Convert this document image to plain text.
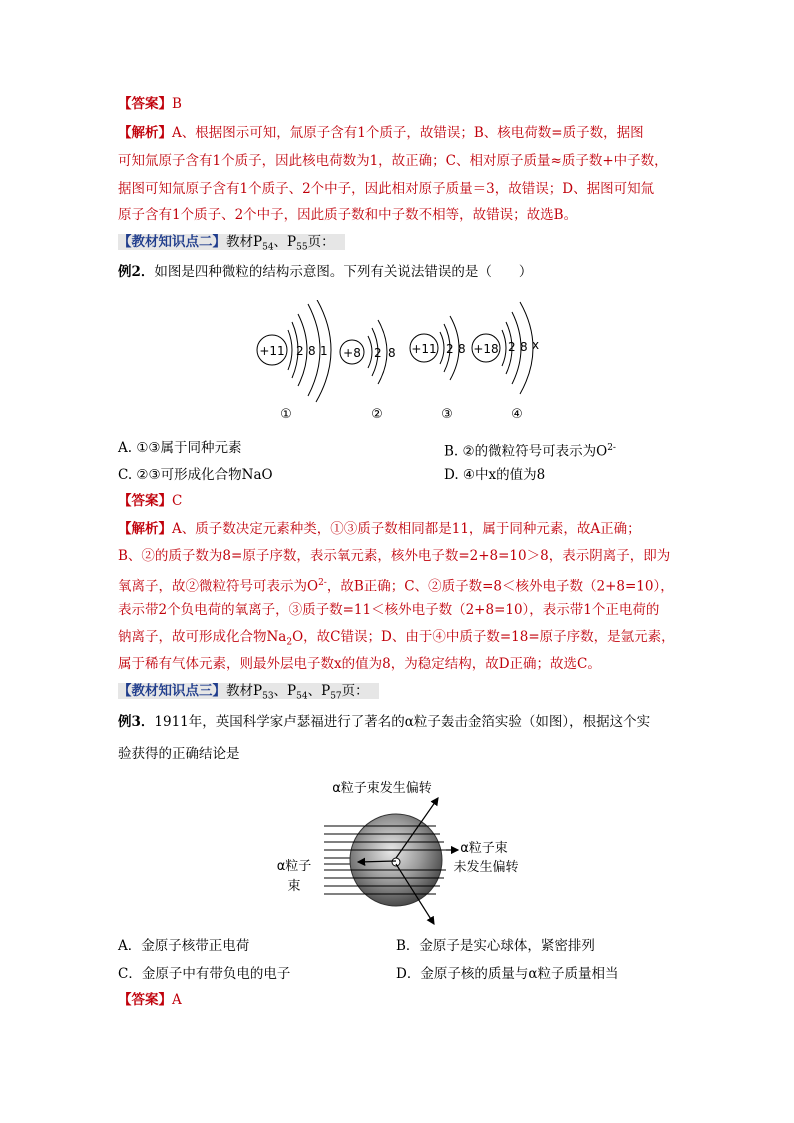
【答案】B
【解析】A、根据图示可知，氚原子含有1个质子，故错误；B、核电荷数=质子数，据图
可知氚原子含有1个质子，因此核电荷数为1，故正确；C、相对原子质量≈质子数+中子数，
据图可知氚原子含有1个质子、2个中子，因此相对原子质量＝3，故错误；D、据图可知氚
原子含有1个质子、2个中子，因此质子数和中子数不相等，故错误；故选B。
【教材知识点二】教材$P_{54}$、$P_{55}$页：
例2．如图是四种微粒的结构示意图。下列有关说法错误的是（　　）
+11 2 8 1
①
+8 2 8
②
+11 2 8
③
+18 2 8 x
④
A. ①③属于同种元素	B. ②的微粒符号可表示为$O^{2-}$
C. ②③可形成化合物NaO	D. ④中x的值为8
【答案】C
【解析】A、质子数决定元素种类，①③质子数相同都是11，属于同种元素，故A正确；
B、②的质子数为8=原子序数，表示氧元素，核外电子数=2+8=10＞8，表示阴离子，即为
氧离子，故②微粒符号可表示为$O^{2-}$，故B正确；C、②质子数=8＜核外电子数（2+8=10），
表示带2个负电荷的氧离子，③质子数=11＜核外电子数（2+8=10），表示带1个正电荷的
钠离子，故可形成化合物$Na_2O$，故C错误；D、由于④中质子数=18=原子序数，是氩元素，
属于稀有气体元素，则最外层电子数x的值为8，为稳定结构，故D正确；故选C。
【教材知识点三】教材$P_{53}$、$P_{54}$、$P_{57}$页：
例3．1911年，英国科学家卢瑟福进行了著名的α粒子轰击金箔实验（如图），根据这个实
验获得的正确结论是
α粒子束发生偏转
α粒子
束
α粒子束
未发生偏转
A．金原子核带正电荷	B．金原子是实心球体，紧密排列
C．金原子中有带负电的电子	D．金原子核的质量与α粒子质量相当
【答案】A
